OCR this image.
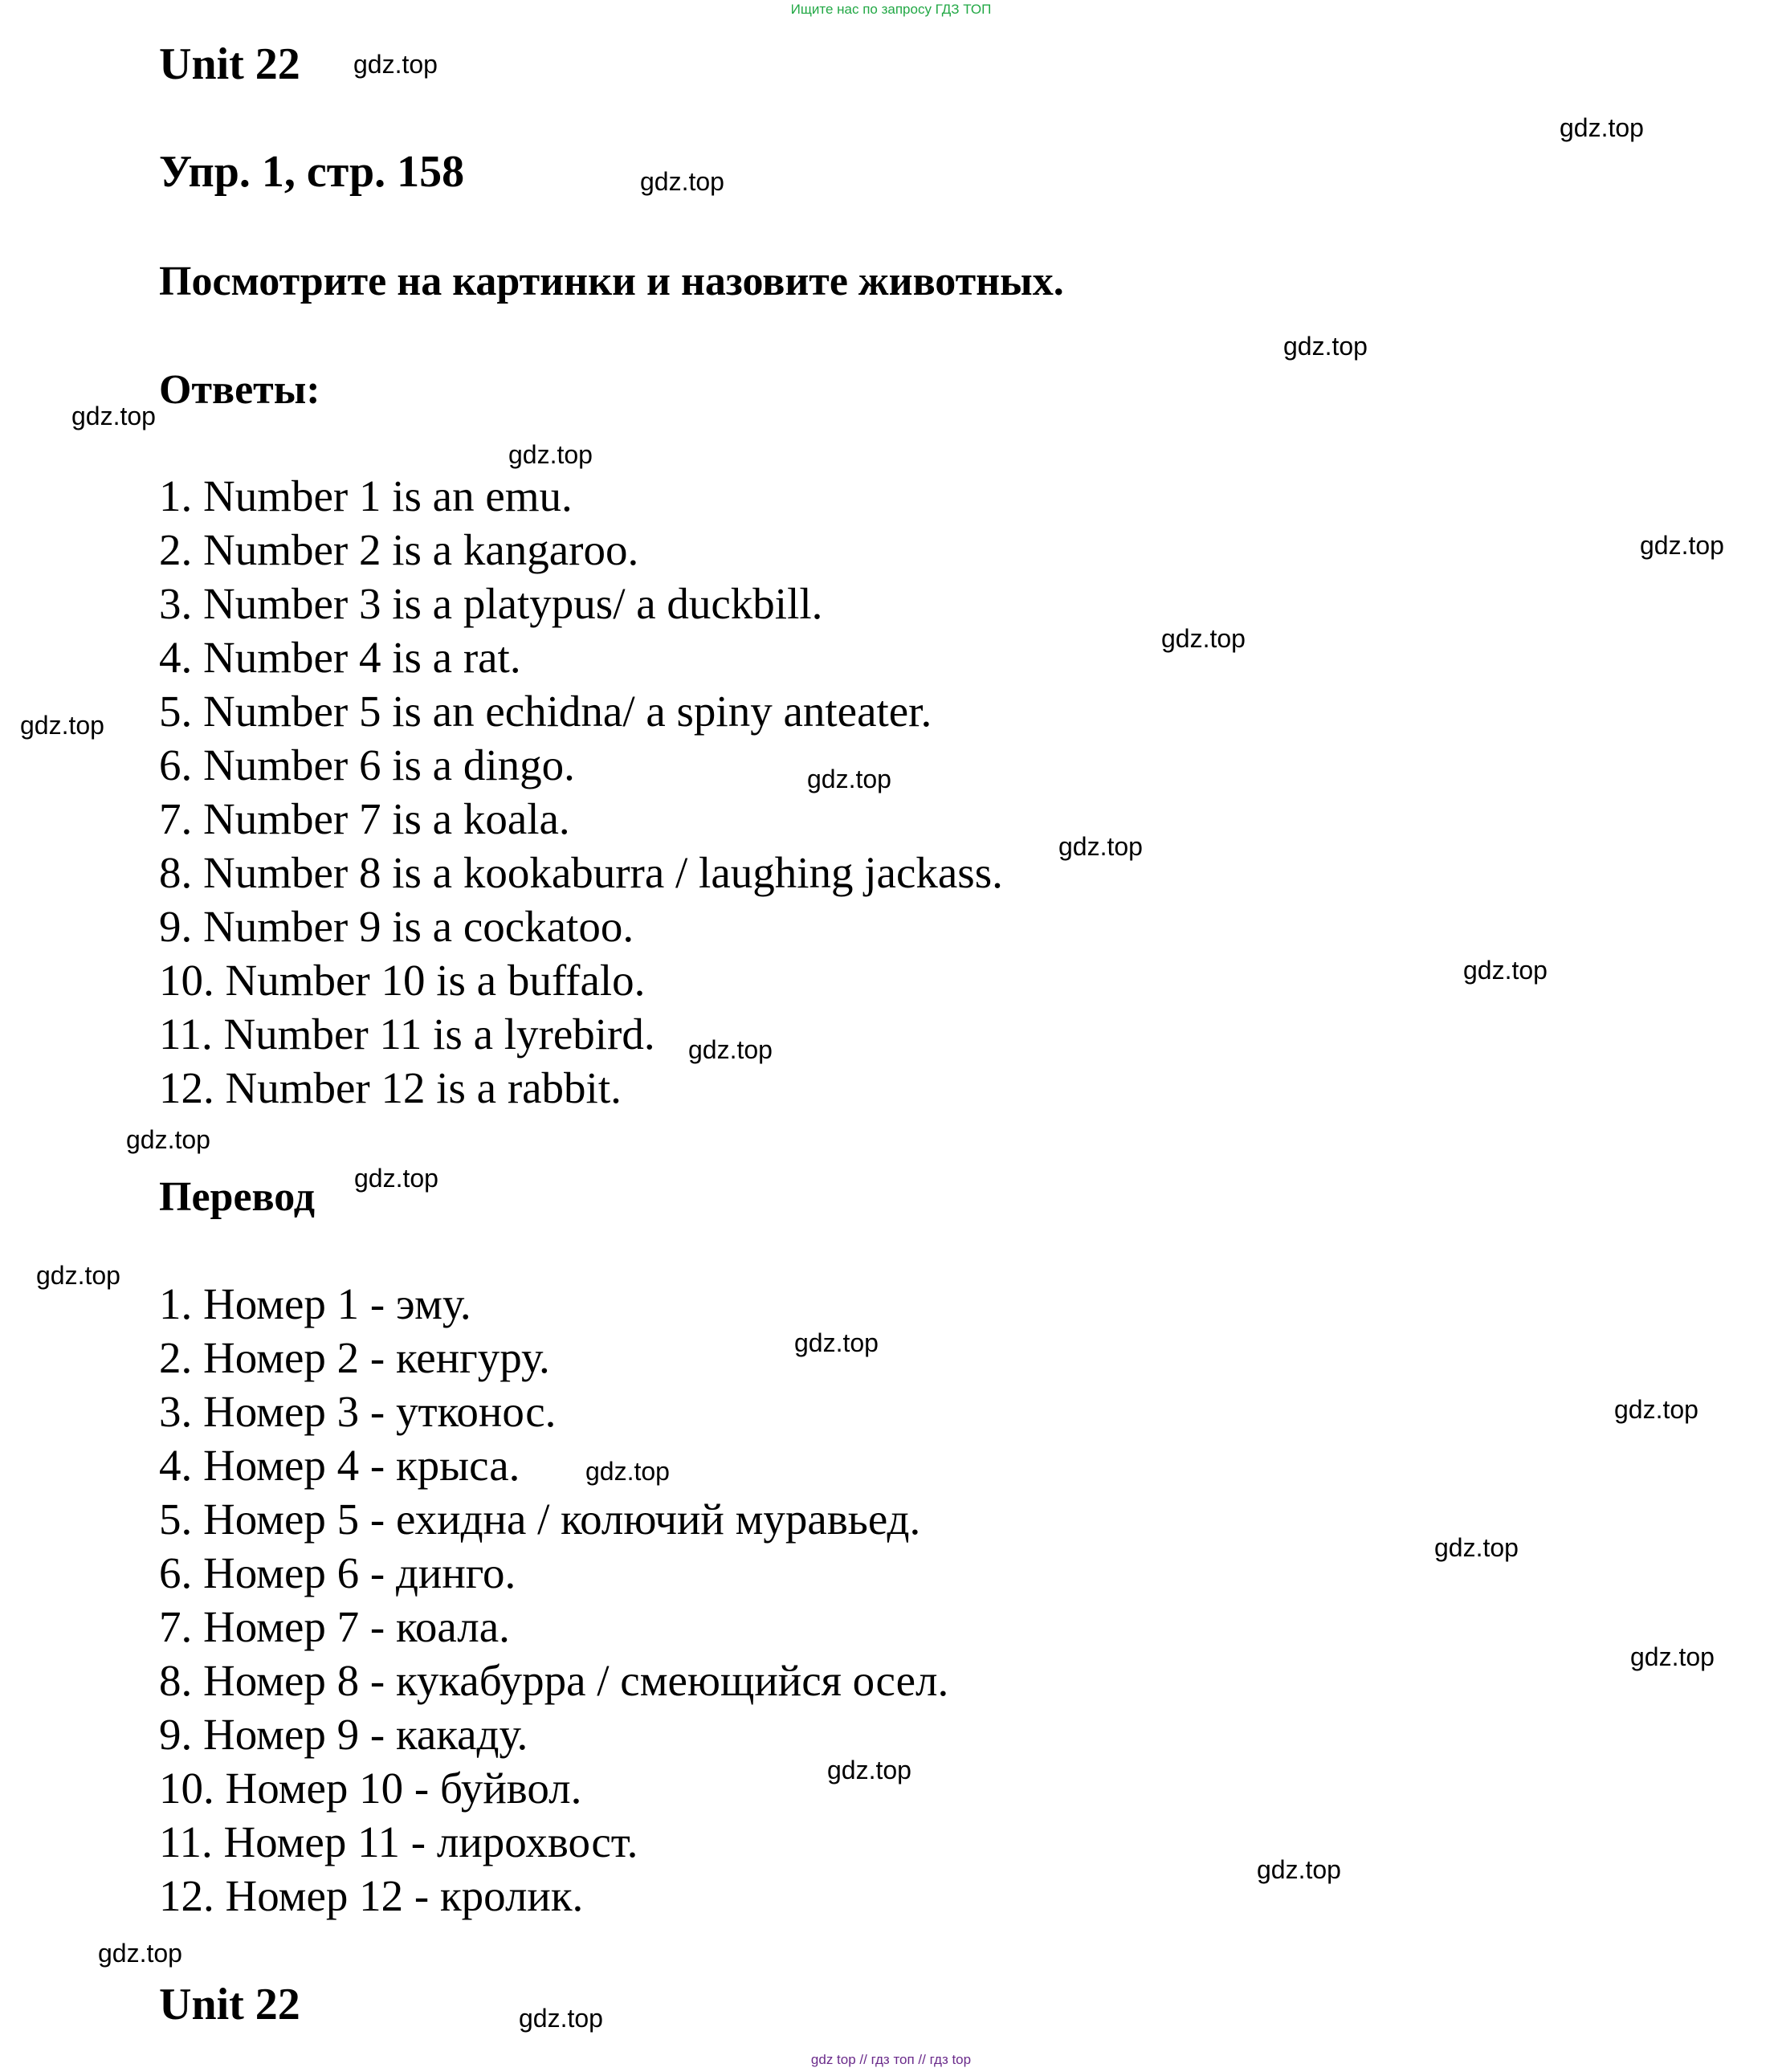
Ищите нас по запросу ГДЗ ТОП
Unit 22
Упр. 1, стр. 158
Посмотрите на картинки и назовите животных.
Ответы:
1. Number 1 is an emu.
2. Number 2 is a kangaroo.
3. Number 3 is a platypus/ a duckbill.
4. Number 4 is a rat.
5. Number 5 is an echidna/ a spiny anteater.
6. Number 6 is a dingo.
7. Number 7 is a koala.
8. Number 8 is a kookaburra / laughing jackass.
9. Number 9 is a cockatoo.
10. Number 10 is a buffalo.
11. Number 11 is a lyrebird.
12. Number 12 is a rabbit.
Перевод
1. Номер 1 - эму.
2. Номер 2 - кенгуру.
3. Номер 3 - утконос.
4. Номер 4 - крыса.
5. Номер 5 - ехидна / колючий муравьед.
6. Номер 6 - динго.
7. Номер 7 - коала.
8. Номер 8 - кукабурра / смеющийся осел.
9. Номер 9 - какаду.
10. Номер 10 - буйвол.
11. Номер 11 - лирохвост.
12. Номер 12 - кролик.
Unit 22
gdz.top
gdz.top
gdz.top
gdz.top
gdz.top
gdz.top
gdz.top
gdz.top
gdz.top
gdz.top
gdz.top
gdz.top
gdz.top
gdz.top
gdz.top
gdz.top
gdz.top
gdz.top
gdz.top
gdz.top
gdz.top
gdz.top
gdz.top
gdz.top
gdz.top
gdz top // гдз топ // гдз top
